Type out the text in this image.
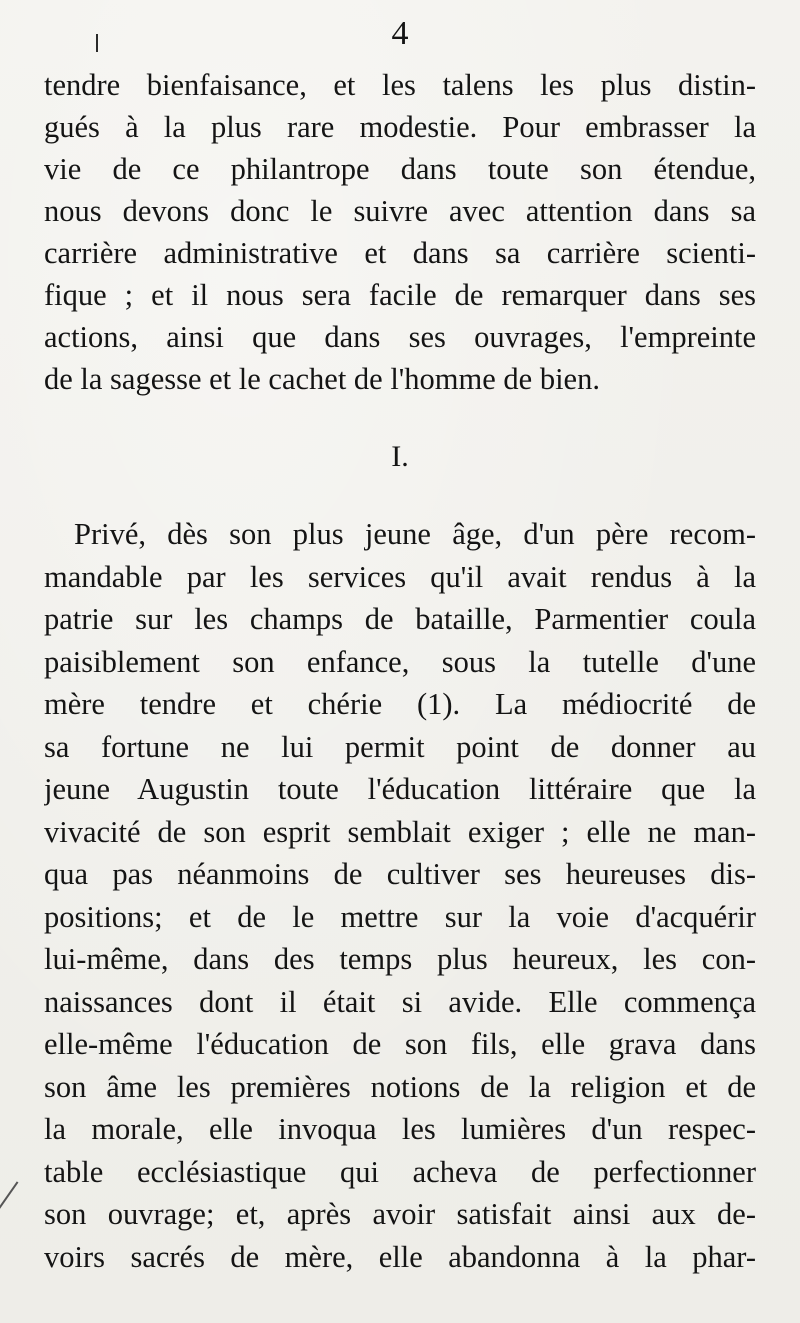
4
tendre bienfaisance, et les talens les plus distin-
gués à la plus rare modestie. Pour embrasser la
vie de ce philantrope dans toute son étendue,
nous devons donc le suivre avec attention dans sa
carrière administrative et dans sa carrière scienti-
fique ; et il nous sera facile de remarquer dans ses
actions, ainsi que dans ses ouvrages, l'empreinte
de la sagesse et le cachet de l'homme de bien.
I.
Privé, dès son plus jeune âge, d'un père recom-
mandable par les services qu'il avait rendus à la
patrie sur les champs de bataille, Parmentier coula
paisiblement son enfance, sous la tutelle d'une
mère tendre et chérie (1). La médiocrité de
sa fortune ne lui permit point de donner au
jeune Augustin toute l'éducation littéraire que la
vivacité de son esprit semblait exiger ; elle ne man-
qua pas néanmoins de cultiver ses heureuses dis-
positions; et de le mettre sur la voie d'acquérir
lui-même, dans des temps plus heureux, les con-
naissances dont il était si avide. Elle commença
elle-même l'éducation de son fils, elle grava dans
son âme les premières notions de la religion et de
la morale, elle invoqua les lumières d'un respec-
table ecclésiastique qui acheva de perfectionner
son ouvrage; et, après avoir satisfait ainsi aux de-
voirs sacrés de mère, elle abandonna à la phar-
